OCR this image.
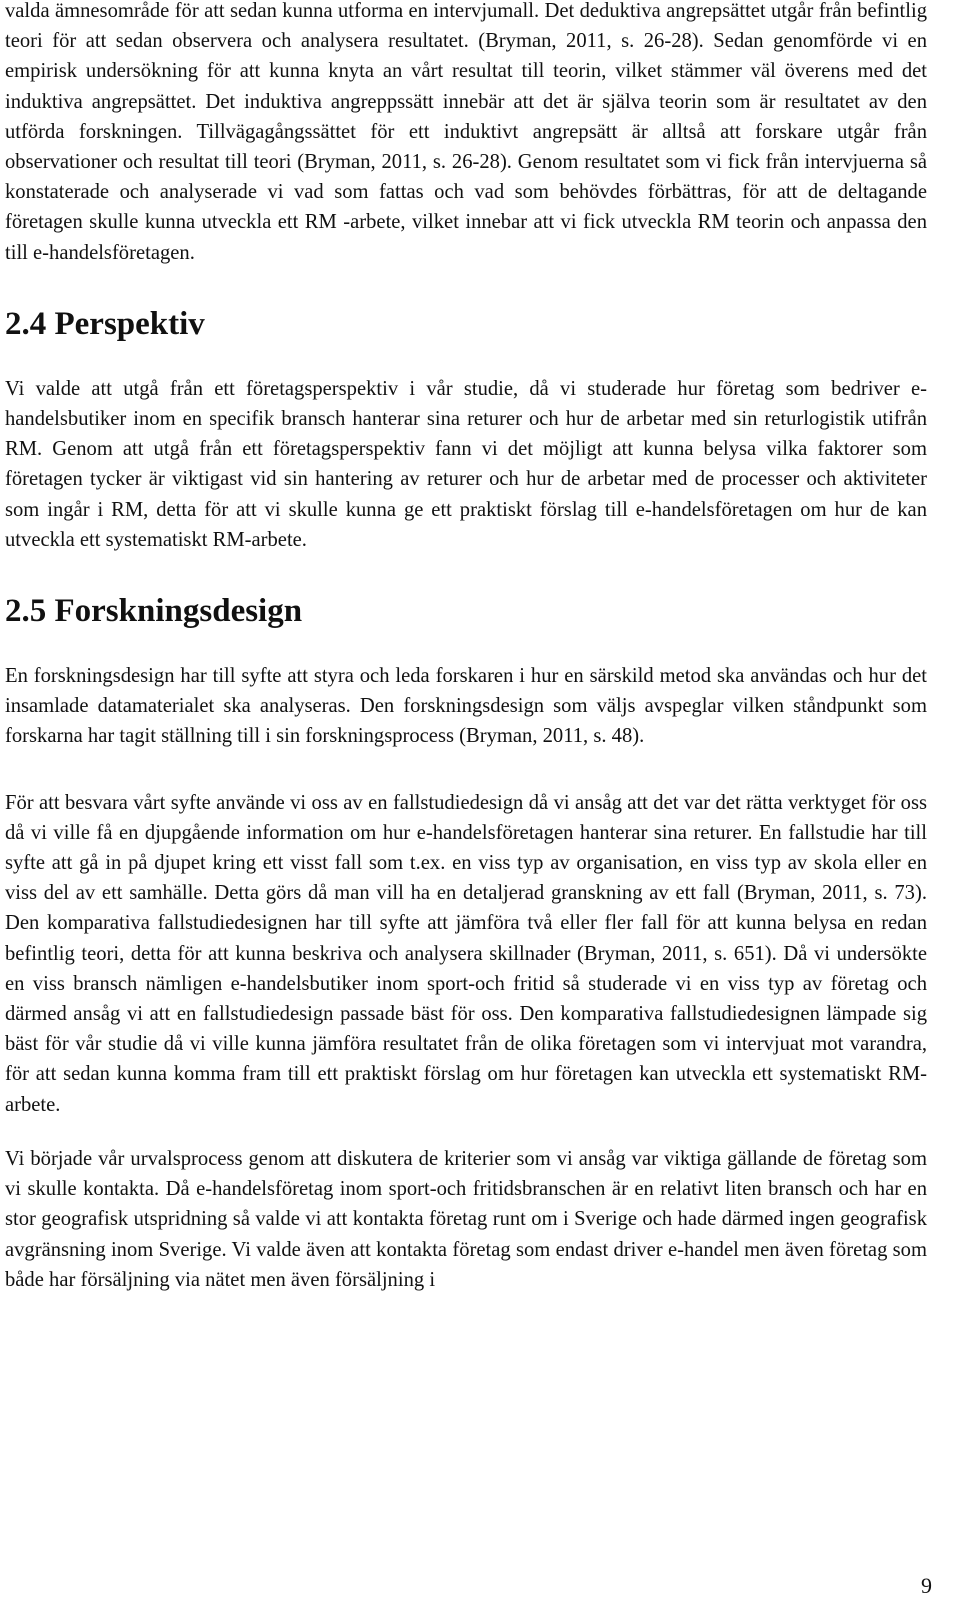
valda ämnesområde för att sedan kunna utforma en intervjumall. Det deduktiva angrepsättet utgår från befintlig teori för att sedan observera och analysera resultatet. (Bryman, 2011, s. 26-28). Sedan genomförde vi en empirisk undersökning för att kunna knyta an vårt resultat till teorin, vilket stämmer väl överens med det induktiva angrepsättet. Det induktiva angreppssätt innebär att det är själva teorin som är resultatet av den utförda forskningen. Tillvägagångssättet för ett induktivt angrepsätt är alltså att forskare utgår från observationer och resultat till teori (Bryman, 2011, s. 26-28). Genom resultatet som vi fick från intervjuerna så konstaterade och analyserade vi vad som fattas och vad som behövdes förbättras, för att de deltagande företagen skulle kunna utveckla ett RM -arbete, vilket innebar att vi fick utveckla RM teorin och anpassa den till e-handelsföretagen.

2.4 Perspektiv

Vi valde att utgå från ett företagsperspektiv i vår studie, då vi studerade hur företag som bedriver e-handelsbutiker inom en specifik bransch hanterar sina returer och hur de arbetar med sin returlogistik utifrån RM. Genom att utgå från ett företagsperspektiv fann vi det möjligt att kunna belysa vilka faktorer som företagen tycker är viktigast vid sin hantering av returer och hur de arbetar med de processer och aktiviteter som ingår i RM, detta för att vi skulle kunna ge ett praktiskt förslag till e-handelsföretagen om hur de kan utveckla ett systematiskt RM-arbete.

2.5 Forskningsdesign

En forskningsdesign har till syfte att styra och leda forskaren i hur en särskild metod ska användas och hur det insamlade datamaterialet ska analyseras. Den forskningsdesign som väljs avspeglar vilken ståndpunkt som forskarna har tagit ställning till i sin forskningsprocess (Bryman, 2011, s. 48).

För att besvara vårt syfte använde vi oss av en fallstudiedesign då vi ansåg att det var det rätta verktyget för oss då vi ville få en djupgående information om hur e-handelsföretagen hanterar sina returer. En fallstudie har till syfte att gå in på djupet kring ett visst fall som t.ex. en viss typ av organisation, en viss typ av skola eller en viss del av ett samhälle. Detta görs då man vill ha en detaljerad granskning av ett fall (Bryman, 2011, s. 73). Den komparativa fallstudiedesignen har till syfte att jämföra två eller fler fall för att kunna belysa en redan befintlig teori, detta för att kunna beskriva och analysera skillnader (Bryman, 2011, s. 651). Då vi undersökte en viss bransch nämligen e-handelsbutiker inom sport-och fritid så studerade vi en viss typ av företag och därmed ansåg vi att en fallstudiedesign passade bäst för oss. Den komparativa fallstudiedesignen lämpade sig bäst för vår studie då vi ville kunna jämföra resultatet från de olika företagen som vi intervjuat mot varandra, för att sedan kunna komma fram till ett praktiskt förslag om hur företagen kan utveckla ett systematiskt RM-arbete.

Vi började vår urvalsprocess genom att diskutera de kriterier som vi ansåg var viktiga gällande de företag som vi skulle kontakta. Då e-handelsföretag inom sport-och fritidsbranschen är en relativt liten bransch och har en stor geografisk utspridning så valde vi att kontakta företag runt om i Sverige och hade därmed ingen geografisk avgränsning inom Sverige. Vi valde även att kontakta företag som endast driver e-handel men även företag som både har försäljning via nätet men även försäljning i

9
